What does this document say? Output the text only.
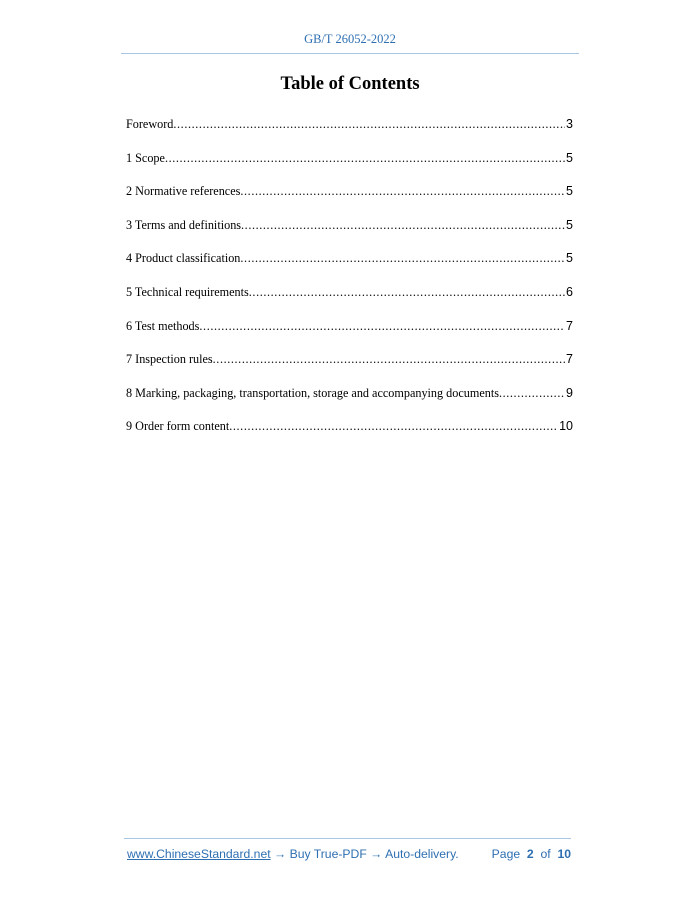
GB/T 26052-2022
Table of Contents
Foreword .....	3
1 Scope .....	5
2 Normative references .....	5
3 Terms and definitions .....	5
4 Product classification .....	5
5 Technical requirements .....	6
6 Test methods .....	7
7 Inspection rules .....	7
8 Marking, packaging, transportation, storage and accompanying documents .....	9
9 Order form content .....	10
www.ChineseStandard.net → Buy True-PDF → Auto-delivery.	Page 2 of 10
